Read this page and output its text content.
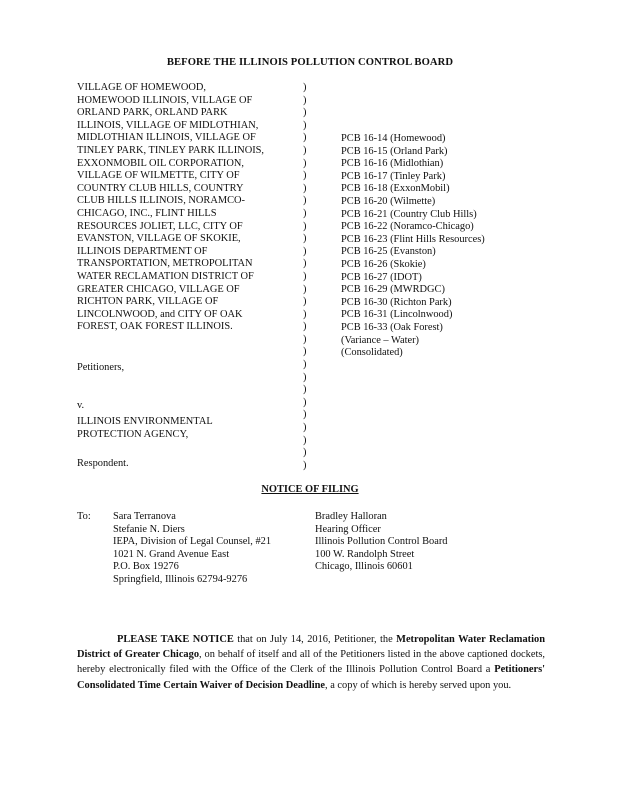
BEFORE THE ILLINOIS POLLUTION CONTROL BOARD
VILLAGE OF HOMEWOOD,
HOMEWOOD ILLINOIS, VILLAGE OF
ORLAND PARK, ORLAND PARK
ILLINOIS, VILLAGE OF MIDLOTHIAN,
MIDLOTHIAN ILLINOIS, VILLAGE OF
TINLEY PARK, TINLEY PARK ILLINOIS,
EXXONMOBIL OIL CORPORATION,
VILLAGE OF WILMETTE, CITY OF
COUNTRY CLUB HILLS, COUNTRY
CLUB HILLS ILLINOIS, NORAMCO-
CHICAGO, INC., FLINT HILLS
RESOURCES JOLIET, LLC, CITY OF
EVANSTON, VILLAGE OF SKOKIE,
ILLINOIS DEPARTMENT OF
TRANSPORTATION, METROPOLITAN
WATER RECLAMATION DISTRICT OF
GREATER CHICAGO, VILLAGE OF
RICHTON PARK, VILLAGE OF
LINCOLNWOOD, and CITY OF OAK
FOREST, OAK FOREST ILLINOIS.
Petitioners,
v.
ILLINOIS ENVIRONMENTAL
PROTECTION AGENCY,
Respondent.
)
)
)
)
)
)
)
)
)
)
)
)
)
)
)
)
)
)
)
)
)
)
)
)
)
)
)
)
)
)
)
PCB 16-14 (Homewood)
PCB 16-15 (Orland Park)
PCB 16-16 (Midlothian)
PCB 16-17 (Tinley Park)
PCB 16-18 (ExxonMobil)
PCB 16-20 (Wilmette)
PCB 16-21 (Country Club Hills)
PCB 16-22 (Noramco-Chicago)
PCB 16-23 (Flint Hills Resources)
PCB 16-25 (Evanston)
PCB 16-26 (Skokie)
PCB 16-27 (IDOT)
PCB 16-29 (MWRDGC)
PCB 16-30 (Richton Park)
PCB 16-31 (Lincolnwood)
PCB 16-33 (Oak Forest)
(Variance – Water)
(Consolidated)
NOTICE OF FILING
To: Sara Terranova
Stefanie N. Diers
IEPA, Division of Legal Counsel, #21
1021 N. Grand Avenue East
P.O. Box 19276
Springfield, Illinois 62794-9276
Bradley Halloran
Hearing Officer
Illinois Pollution Control Board
100 W. Randolph Street
Chicago, Illinois 60601
PLEASE TAKE NOTICE that on July 14, 2016, Petitioner, the Metropolitan Water Reclamation District of Greater Chicago, on behalf of itself and all of the Petitioners listed in the above captioned dockets, hereby electronically filed with the Office of the Clerk of the Illinois Pollution Control Board a Petitioners' Consolidated Time Certain Waiver of Decision Deadline, a copy of which is hereby served upon you.
